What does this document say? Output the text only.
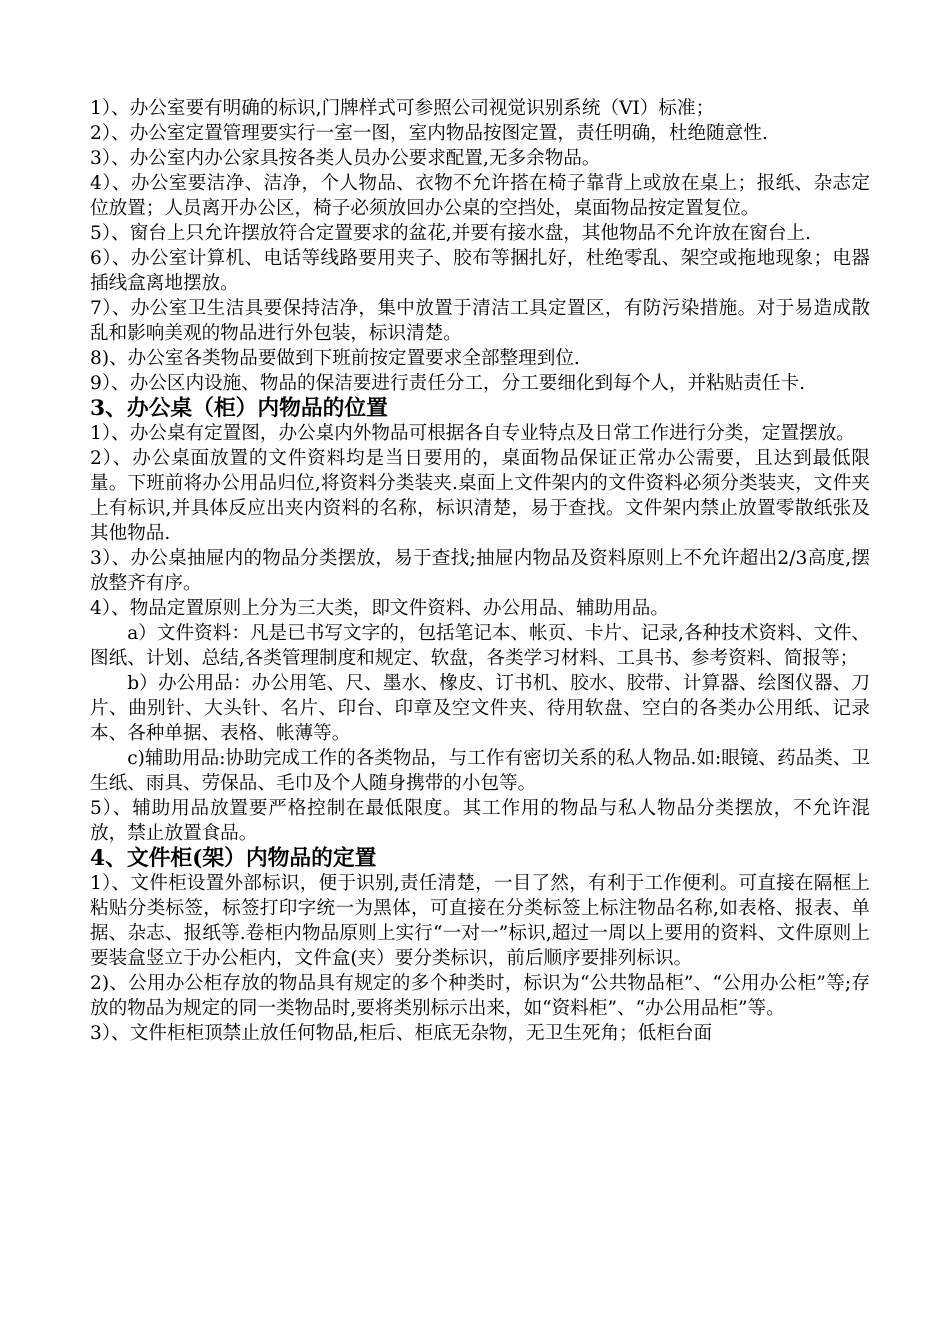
1）、办公室要有明确的标识,门牌样式可参照公司视觉识别系统（VI）标准；

2）、办公室定置管理要实行一室一图，室内物品按图定置，责任明确，杜绝随意性.

3）、办公室内办公家具按各类人员办公要求配置,无多余物品。

4）、办公室要洁净、洁净，个人物品、衣物不允许搭在椅子靠背上或放在桌上；报纸、杂志定位放置；人员离开办公区，椅子必须放回办公桌的空挡处，桌面物品按定置复位。

5）、窗台上只允许摆放符合定置要求的盆花,并要有接水盘，其他物品不允许放在窗台上.

6）、办公室计算机、电话等线路要用夹子、胶布等捆扎好，杜绝零乱、架空或拖地现象；电器插线盒离地摆放。

7）、办公室卫生洁具要保持洁净，集中放置于清洁工具定置区，有防污染措施。对于易造成散乱和影响美观的物品进行外包装，标识清楚。

8)、办公室各类物品要做到下班前按定置要求全部整理到位.

9）、办公区内设施、物品的保洁要进行责任分工，分工要细化到每个人，并粘贴责任卡.

3、办公桌（柜）内物品的位置

1）、办公桌有定置图，办公桌内外物品可根据各自专业特点及日常工作进行分类，定置摆放。

2）、办公桌面放置的文件资料均是当日要用的，桌面物品保证正常办公需要，且达到最低限量。下班前将办公用品归位,将资料分类装夹.桌面上文件架内的文件资料必须分类装夹，文件夹上有标识,并具体反应出夹内资料的名称，标识清楚，易于查找。文件架内禁止放置零散纸张及其他物品.

3）、办公桌抽屉内的物品分类摆放，易于查找;抽屉内物品及资料原则上不允许超出2/3高度,摆放整齐有序。

4）、物品定置原则上分为三大类，即文件资料、办公用品、辅助用品。

a）文件资料：凡是已书写文字的，包括笔记本、帐页、卡片、记录,各种技术资料、文件、图纸、计划、总结,各类管理制度和规定、软盘，各类学习材料、工具书、参考资料、简报等；

b）办公用品：办公用笔、尺、墨水、橡皮、订书机、胶水、胶带、计算器、绘图仪器、刀片、曲别针、大头针、名片、印台、印章及空文件夹、待用软盘、空白的各类办公用纸、记录本、各种单据、表格、帐薄等。

c)辅助用品:协助完成工作的各类物品，与工作有密切关系的私人物品.如:眼镜、药品类、卫生纸、雨具、劳保品、毛巾及个人随身携带的小包等。

5）、辅助用品放置要严格控制在最低限度。其工作用的物品与私人物品分类摆放，不允许混放，禁止放置食品。

4、文件柜(架）内物品的定置

1）、文件柜设置外部标识，便于识别,责任清楚，一目了然，有利于工作便利。可直接在隔框上粘贴分类标签，标签打印字统一为黑体，可直接在分类标签上标注物品名称,如表格、报表、单据、杂志、报纸等.卷柜内物品原则上实行“一对一”标识,超过一周以上要用的资料、文件原则上要装盒竖立于办公柜内，文件盒(夹）要分类标识，前后顺序要排列标识。

2)、公用办公柜存放的物品具有规定的多个种类时，标识为“公共物品柜”、“公用办公柜”等;存放的物品为规定的同一类物品时,要将类别标示出来，如“资料柜”、“办公用品柜”等。

3）、文件柜柜顶禁止放任何物品,柜后、柜底无杂物，无卫生死角；低柜台面
